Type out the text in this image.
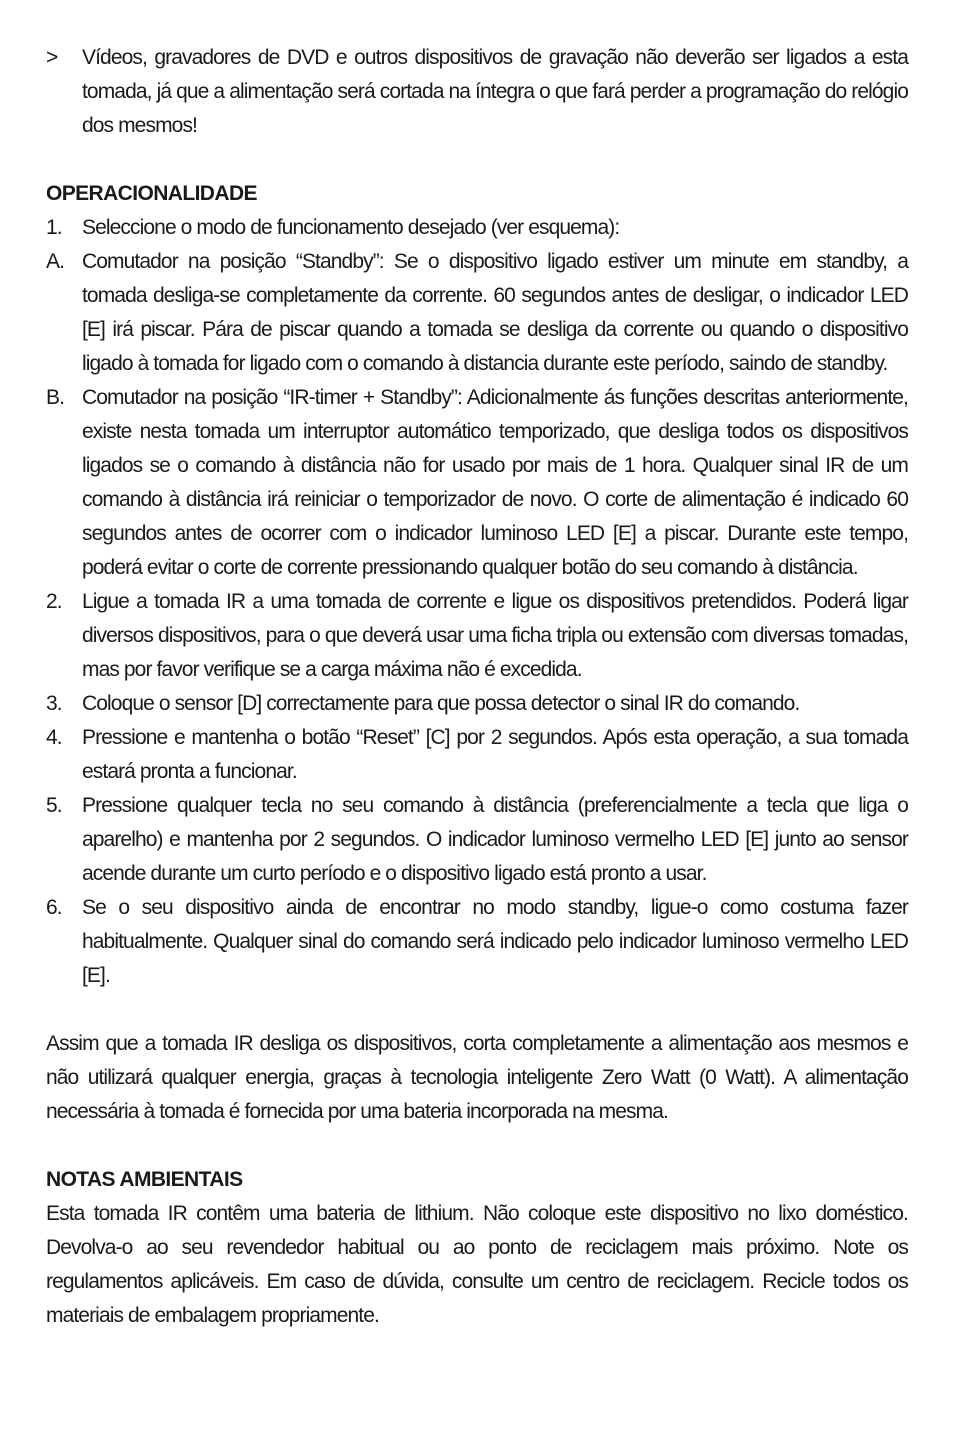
>	Vídeos, gravadores de DVD e outros dispositivos de gravação não deverão ser ligados a esta tomada, já que a alimentação será cortada na íntegra o que fará perder a programação do relógio dos mesmos!
OPERACIONALIDADE
1. Seleccione o modo de funcionamento desejado (ver esquema):
A. Comutador na posição “Standby”: Se o dispositivo ligado estiver um minute em standby, a tomada desliga-se completamente da corrente. 60 segundos antes de desligar, o indicador LED [E] irá piscar. Pára de piscar quando a tomada se desliga da corrente ou quando o dispositivo ligado à tomada for ligado com o comando à distancia durante este período, saindo de standby.
B. Comutador na posição “IR-timer + Standby”: Adicionalmente ás funções descritas anteriormente, existe nesta tomada um interruptor automático temporizado, que desliga todos os dispositivos ligados se o comando à distância não for usado por mais de 1 hora. Qualquer sinal IR de um comando à distância irá reiniciar o temporizador de novo. O corte de alimentação é indicado 60 segundos antes de ocorrer com o indicador luminoso LED [E] a piscar. Durante este tempo, poderá evitar o corte de corrente pressionando qualquer botão do seu comando à distância.
2. Ligue a tomada IR a uma tomada de corrente e ligue os dispositivos pretendidos. Poderá ligar diversos dispositivos, para o que deverá usar uma ficha tripla ou extensão com diversas tomadas, mas por favor verifique se a carga máxima não é excedida.
3. Coloque o sensor [D] correctamente para que possa detector o sinal IR do comando.
4. Pressione e mantenha o botão “Reset” [C] por 2 segundos. Após esta operação, a sua tomada estará pronta a funcionar.
5. Pressione qualquer tecla no seu comando à distância (preferencialmente a tecla que liga o aparelho) e mantenha por 2 segundos. O indicador luminoso vermelho LED [E] junto ao sensor acende durante um curto período e o dispositivo ligado está pronto a usar.
6. Se o seu dispositivo ainda de encontrar no modo standby, ligue-o como costuma fazer habitualmente. Qualquer sinal do comando será indicado pelo indicador luminoso vermelho LED [E].
Assim que a tomada IR desliga os dispositivos, corta completamente a alimentação aos mesmos e não utilizará qualquer energia, graças à tecnologia inteligente Zero Watt (0 Watt). A alimentação necessária à tomada é fornecida por uma bateria incorporada na mesma.
NOTAS AMBIENTAIS
Esta tomada IR contêm uma bateria de lithium. Não coloque este dispositivo no lixo doméstico. Devolva-o ao seu revendedor habitual ou ao ponto de reciclagem mais próximo. Note os regulamentos aplicáveis. Em caso de dúvida, consulte um centro de reciclagem. Recicle todos os materiais de embalagem propriamente.
